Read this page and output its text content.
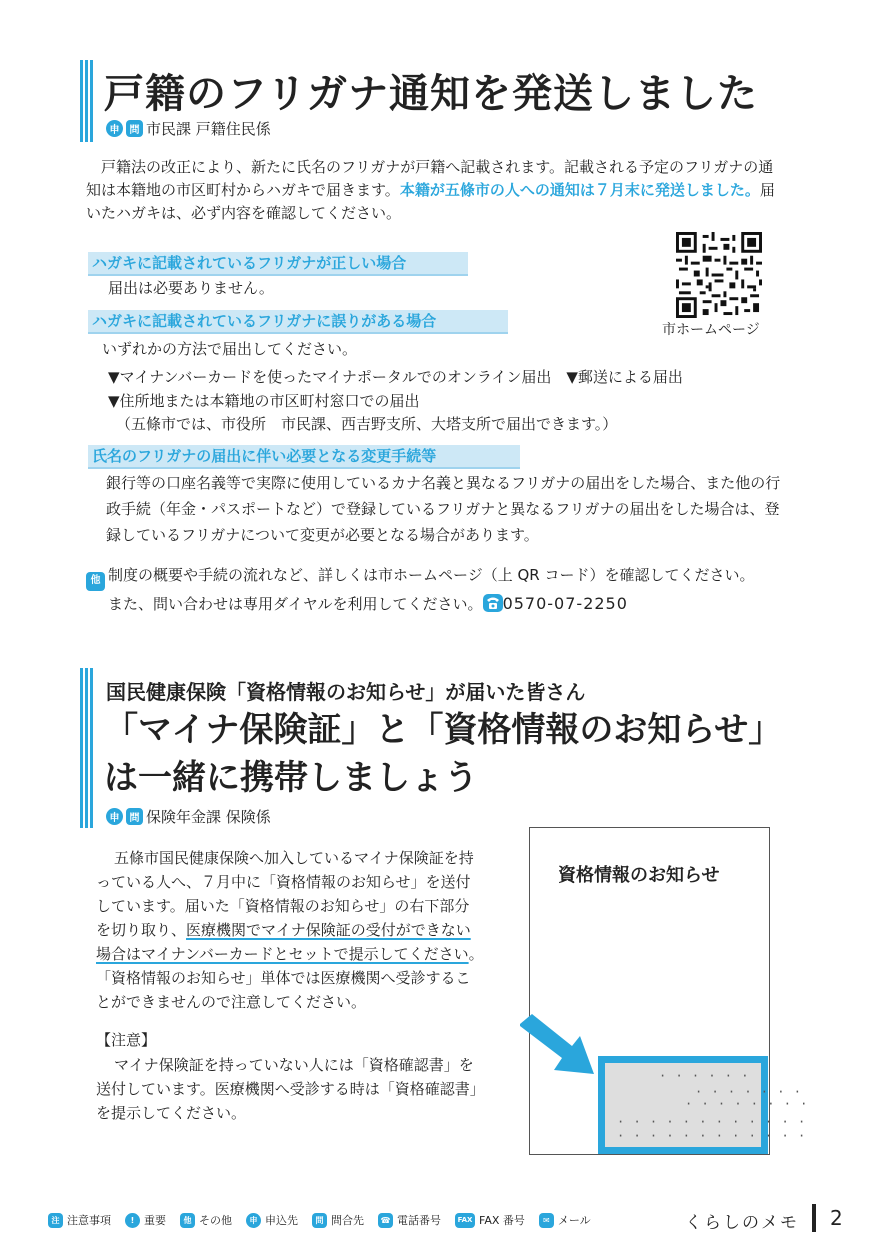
戸籍のフリガナ通知を発送しました
申	問 市民課 戸籍住民係
戸籍法の改正により、新たに氏名のフリガナが戸籍へ記載されます。記載される予定のフリガナの通知は本籍地の市区町村からハガキで届きます。本籍が五條市の人への通知は７月末に発送しました。届いたハガキは、必ず内容を確認してください。
ハガキに記載されているフリガナが正しい場合
届出は必要ありません。
ハガキに記載されているフリガナに誤りがある場合
いずれかの方法で届出してください。
▼マイナンバーカードを使ったマイナポータルでのオンライン届出　▼郵送による届出
▼住所地または本籍地の市区町村窓口での届出
（五條市では、市役所　市民課、西吉野支所、大塔支所で届出できます。）
市ホームページ
氏名のフリガナの届出に伴い必要となる変更手続等
銀行等の口座名義等で実際に使用しているカナ名義と異なるフリガナの届出をした場合、また他の行政手続（年金・パスポートなど）で登録しているフリガナと異なるフリガナの届出をした場合は、登録しているフリガナについて変更が必要となる場合があります。
他 制度の概要や手続の流れなど、詳しくは市ホームページ（上 QR コード）を確認してください。
また、問い合わせは専用ダイヤルを利用してください。 0570-07-2250
国民健康保険「資格情報のお知らせ」が届いた皆さん
「マイナ保険証」と「資格情報のお知らせ」は一緒に携帯しましょう
申	問 保険年金課 保険係
五條市国民健康保険へ加入しているマイナ保険証を持っている人へ、７月中に「資格情報のお知らせ」を送付しています。届いた「資格情報のお知らせ」の右下部分を切り取り、医療機関でマイナ保険証の受付ができない場合はマイナンバーカードとセットで提示してください。「資格情報のお知らせ」単体では医療機関へ受診することができませんので注意してください。
【注意】
マイナ保険証を持っていない人には「資格確認書」を送付しています。医療機関へ受診する時は「資格確認書」を提示してください。
資格情報のお知らせ
· · · · · ·
· · · · · · ·
· · · · · · · ·
· · · · · · · · · · · ·
· · · · · · · · · · · ·
注 注意事項	! 重要	他 その他	申 申込先	問 問合先	☎ 電話番号	FAX FAX 番号	✉ メール	くらしのメモ 2
